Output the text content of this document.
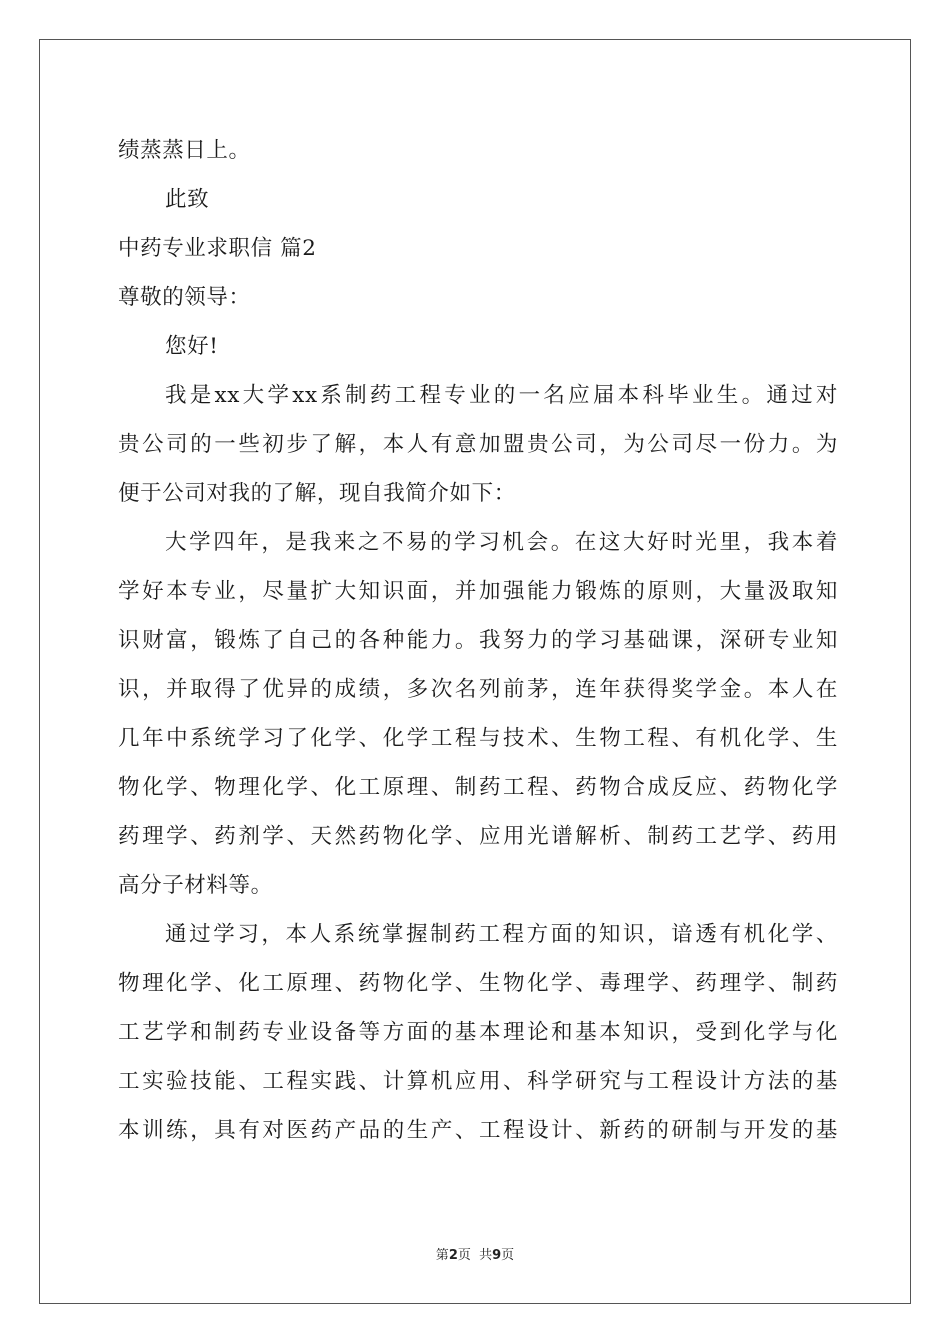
绩蒸蒸日上。
此致
中药专业求职信 篇2
尊敬的领导：
您好!
我是xx大学xx系制药工程专业的一名应届本科毕业生。通过对
贵公司的一些初步了解，本人有意加盟贵公司，为公司尽一份力。为
便于公司对我的了解，现自我简介如下：
大学四年，是我来之不易的学习机会。在这大好时光里，我本着
学好本专业，尽量扩大知识面，并加强能力锻炼的原则，大量汲取知
识财富，锻炼了自己的各种能力。我努力的学习基础课，深研专业知
识，并取得了优异的成绩，多次名列前茅，连年获得奖学金。本人在
几年中系统学习了化学、化学工程与技术、生物工程、有机化学、生
物化学、物理化学、化工原理、制药工程、药物合成反应、药物化学
药理学、药剂学、天然药物化学、应用光谱解析、制药工艺学、药用
高分子材料等。
通过学习，本人系统掌握制药工程方面的知识，谙透有机化学、
物理化学、化工原理、药物化学、生物化学、毒理学、药理学、制药
工艺学和制药专业设备等方面的基本理论和基本知识，受到化学与化
工实验技能、工程实践、计算机应用、科学研究与工程设计方法的基
本训练，具有对医药产品的生产、工程设计、新药的研制与开发的基
第2页  共9页
